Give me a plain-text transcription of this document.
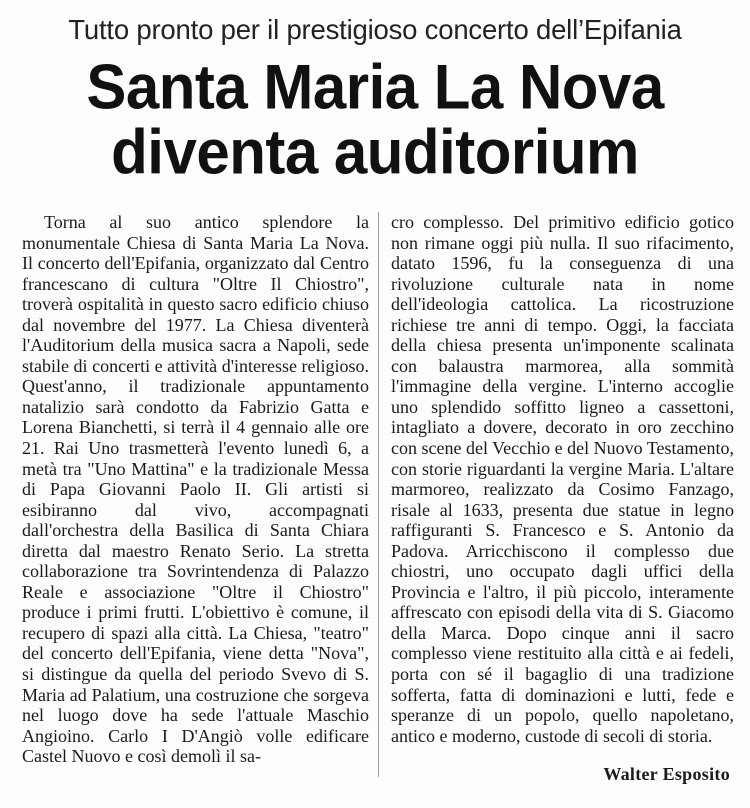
Tutto pronto per il prestigioso concerto dell’Epifania
Santa Maria La Nova
diventa auditorium
Torna al suo antico splendore la monumentale Chiesa di Santa Maria La Nova. Il concerto dell'Epifania, organizzato dal Centro francescano di cultura "Oltre Il Chiostro", troverà ospitalità in questo sacro edificio chiuso dal novembre del 1977. La Chiesa diventerà l'Auditorium della musica sacra a Napoli, sede stabile di concerti e attività d'interesse religioso. Quest'anno, il tradizionale appuntamento natalizio sarà condotto da Fabrizio Gatta e Lorena Bianchetti, si terrà il 4 gennaio alle ore 21. Rai Uno trasmetterà l'evento lunedì 6, a metà tra "Uno Mattina" e la tradizionale Messa di Papa Giovanni Paolo II. Gli artisti si esibiranno dal vivo, accompagnati dall'orchestra della Basilica di Santa Chiara diretta dal maestro Renato Serio. La stretta collaborazione tra Sovrintendenza di Palazzo Reale e associazione "Oltre il Chiostro" produce i primi frutti. L'obiettivo è comune, il recupero di spazi alla città. La Chiesa, "teatro" del concerto dell'Epifania, viene detta "Nova", si distingue da quella del periodo Svevo di S. Maria ad Palatium, una costruzione che sorgeva nel luogo dove ha sede l'attuale Maschio Angioino. Carlo I D'Angiò volle edificare Castel Nuovo e così demolì il sa-
cro complesso. Del primitivo edificio gotico non rimane oggi più nulla. Il suo rifacimento, datato 1596, fu la conseguenza di una rivoluzione culturale nata in nome dell'ideologia cattolica. La ricostruzione richiese tre anni di tempo. Oggi, la facciata della chiesa presenta un'imponente scalinata con balaustra marmorea, alla sommità l'immagine della vergine. L'interno accoglie uno splendido soffitto ligneo a cassettoni, intagliato a dovere, decorato in oro zecchino con scene del Vecchio e del Nuovo Testamento, con storie riguardanti la vergine Maria. L'altare marmoreo, realizzato da Cosimo Fanzago, risale al 1633, presenta due statue in legno raffiguranti S. Francesco e S. Antonio da Padova. Arricchiscono il complesso due chiostri, uno occupato dagli uffici della Provincia e l'altro, il più piccolo, interamente affrescato con episodi della vita di S. Giacomo della Marca. Dopo cinque anni il sacro complesso viene restituito alla città e ai fedeli, porta con sé il bagaglio di una tradizione sofferta, fatta di dominazioni e lutti, fede e speranze di un popolo, quello napoletano, antico e moderno, custode di secoli di storia.
Walter Esposito
